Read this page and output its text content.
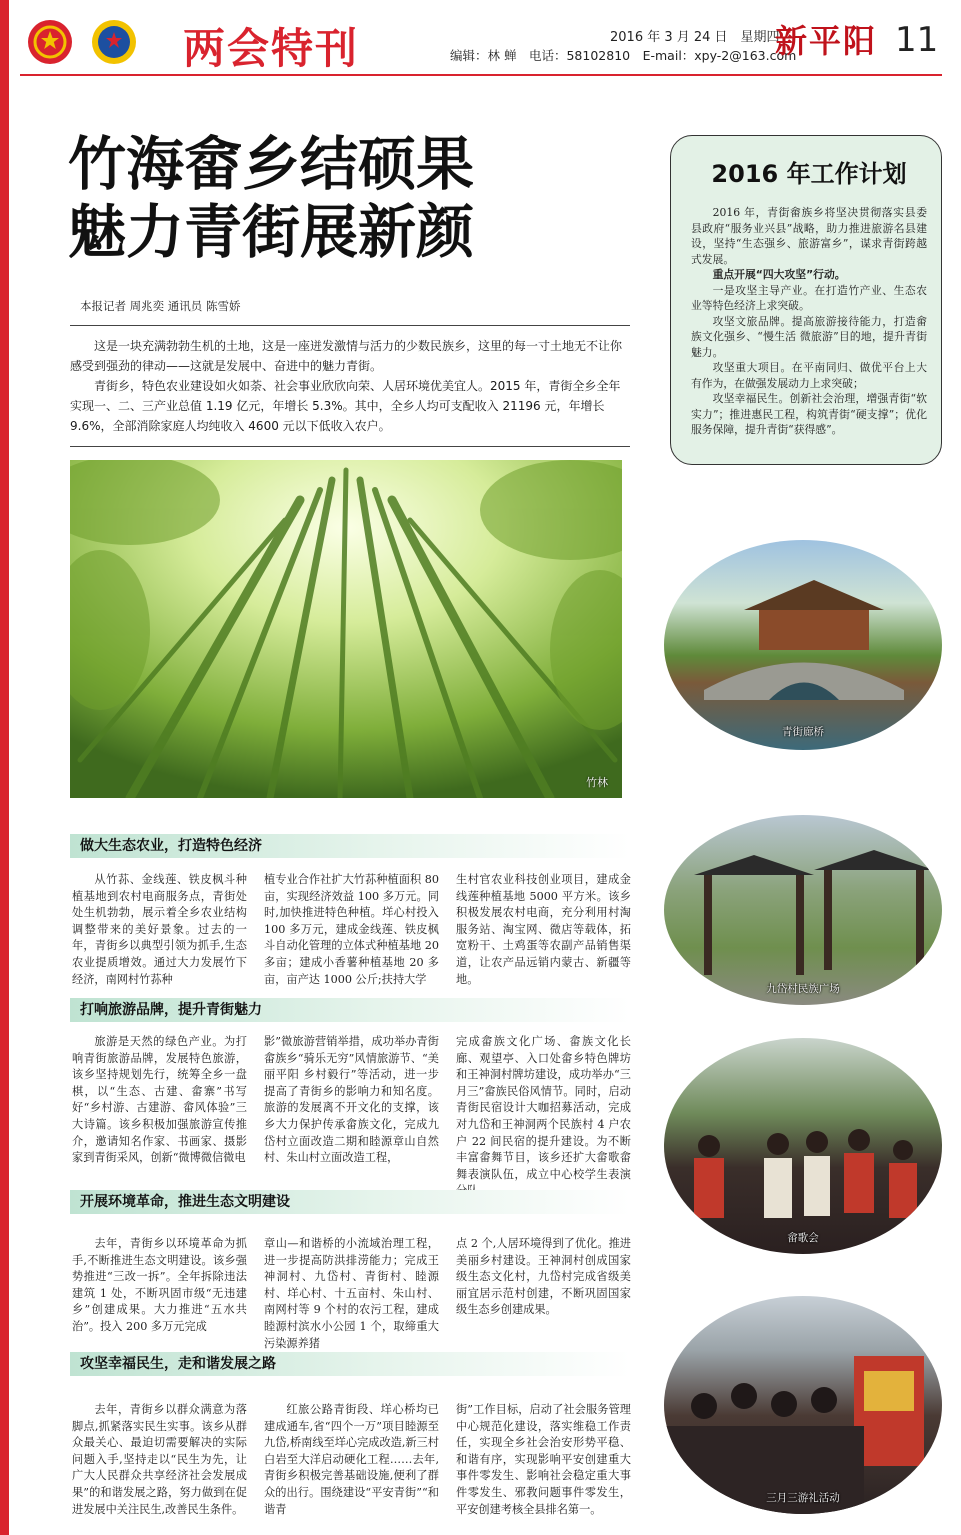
两会特刊	2016 年 3 月 24 日　星期四
编辑：林 蝉　电话：58102810　E-mail：xpy-2@163.com
新平阳 11
竹海畲乡结硕果
魅力青街展新颜
本报记者 周兆奕 通讯员 陈雪娇

这是一块充满勃勃生机的土地，这是一座迸发激情与活力的少数民族乡，这里的每一寸土地无不让你感受到强劲的律动——这就是发展中、奋进中的魅力青街。

青街乡，特色农业建设如火如荼、社会事业欣欣向荣、人居环境优美宜人。2015 年，青街全乡全年实现一、二、三产业总值 1.19 亿元，年增长 5.3%。其中，全乡人均可支配收入 21196 元，年增长 9.6%，全部消除家庭人均纯收入 4600 元以下低收入农户。

竹林
做大生态农业，打造特色经济

从竹荪、金线莲、铁皮枫斗种植基地到农村电商服务点，青街处处生机勃勃，展示着全乡农业结构调整带来的美好景象。过去的一年，青街乡以典型引领为抓手,生态农业提质增效。通过大力发展竹下经济，南网村竹荪种

植专业合作社扩大竹荪种植面积 80 亩，实现经济效益 100 多万元。同时,加快推进特色种植。垟心村投入 100 多万元，建成金线莲、铁皮枫斗自动化管理的立体式种植基地 20 多亩；建成小香薯种植基地 20 多亩，亩产达 1000 公斤;扶持大学

生村官农业科技创业项目，建成金线莲种植基地 5000 平方米。该乡积极发展农村电商，充分利用村淘服务站、淘宝网、微店等载体，拓宽粉干、土鸡蛋等农副产品销售渠道，让农产品远销内蒙古、新疆等地。

打响旅游品牌，提升青街魅力

旅游是天然的绿色产业。为打响青街旅游品牌，发展特色旅游，该乡坚持规划先行，统筹全乡一盘棋，以“生态、古建、畲寨”书写好“乡村游、古建游、畲风体验”三大诗篇。该乡积极加强旅游宣传推介，邀请知名作家、书画家、摄影家到青街采风，创新“微博微信微电

影”微旅游营销举措，成功举办青街畲族乡“骑乐无穷”风情旅游节、“美丽平阳 乡村毅行”等活动，进一步提高了青街乡的影响力和知名度。旅游的发展离不开文化的支撑，该乡大力保护传承畲族文化，完成九岱村立面改造二期和睦源章山自然村、朱山村立面改造工程，

完成畲族文化广场、畲族文化长廊、观望亭、入口处畲乡特色牌坊和王神洞村牌坊建设，成功举办“三月三”畲族民俗风情节。同时，启动青街民宿设计大咖招募活动，完成对九岱和王神洞两个民族村 4 户农户 22 间民宿的提升建设。为不断丰富畲舞节目，该乡还扩大畲歌畲舞表演队伍，成立中心校学生表演

开展环境革命，推进生态文明建设

去年，青街乡以环境革命为抓手,不断推进生态文明建设。该乡强势推进“三改一拆”。全年拆除违法建筑 1 处，不断巩固市级“无违建乡”创建成果。大力推进“五水共治”。投入 200 多万元完成

章山—和谐桥的小流域治理工程，进一步提高防洪排涝能力；完成王神洞村、九岱村、青街村、睦源村、垟心村、十五亩村、朱山村、南网村等 9 个村的农污工程，建成睦源村滨水小公园 1 个，取缔重大污染源养猪

点 2 个,人居环境得到了优化。推进美丽乡村建设。王神洞村创成国家级生态文化村，九岱村完成省级美丽宜居示范村创建，不断巩固国家级生态乡创建成果。

攻坚幸福民生，走和谐发展之路

去年，青街乡以群众满意为落脚点,抓紧落实民生实事。该乡从群众最关心、最迫切需要解决的实际问题入手,坚持走以“民生为先，让广大人民群众共享经济社会发展成果”的和谐发展之路，努力做到在促进发展中关注民生,改善民生条件。

红旅公路青街段、垟心桥均已建成通车,省“四个一万”项目睦源至九岱,桥南线至垟心完成改造,新三村白岩至大洋启动硬化工程……去年,青街乡积极完善基础设施,便利了群众的出行。围绕建设“平安青街”“和谐青

街”工作目标，启动了社会服务管理中心规范化建设，落实维稳工作责任，实现全乡社会治安形势平稳、和谐有序，实现影响平安创建重大事件零发生、影响社会稳定重大事件零发生、邪教问题事件零发生，平安创建考核全县排名第一。

2016 年工作计划

2016 年，青街畲族乡将坚决贯彻落实县委县政府“服务业兴县”战略，助力推进旅游名县建设，坚持“生态强乡、旅游富乡”，谋求青街跨越式发展。

重点开展“四大攻坚”行动。

一是攻坚主导产业。在打造竹产业、生态农业等特色经济上求突破。

攻坚文旅品牌。提高旅游接待能力，打造畲族文化强乡、“慢生活 微旅游”目的地，提升青街魅力。

攻坚重大项目。在平南同归、做优平台上大有作为，在做强发展动力上求突破；

攻坚幸福民生。创新社会治理，增强青街“软实力”；推进惠民工程，构筑青街“硬支撑”；优化服务保障，提升青街“获得感”。

青街廊桥
九岱村民族广场
畲歌会
三月三游礼活动
